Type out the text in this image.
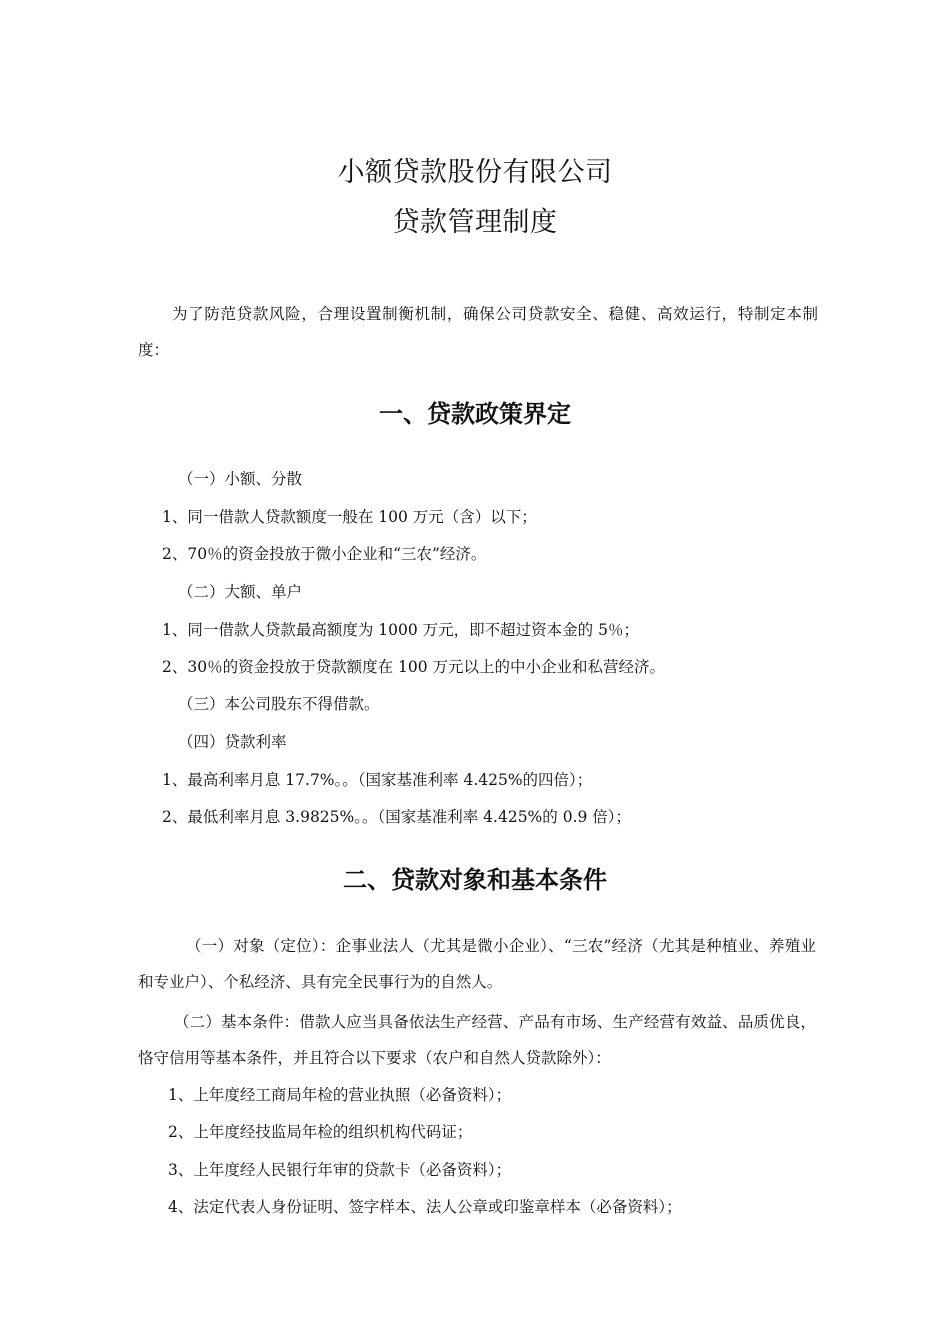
小额贷款股份有限公司
贷款管理制度
为了防范贷款风险，合理设置制衡机制，确保公司贷款安全、稳健、高效运行，特制定本制度：
一、贷款政策界定
（一）小额、分散
1、同一借款人贷款额度一般在 100 万元（含）以下；
2、70％的资金投放于微小企业和“三农”经济。
（二）大额、单户
1、同一借款人贷款最高额度为 1000 万元，即不超过资本金的 5％；
2、30％的资金投放于贷款额度在 100 万元以上的中小企业和私营经济。
（三）本公司股东不得借款。
（四）贷款利率
1、最高利率月息 17.7%。。（国家基准利率 4.425%的四倍）；
2、最低利率月息 3.9825%。。（国家基准利率 4.425%的 0.9 倍）；
二、贷款对象和基本条件
（一）对象（定位）：企事业法人（尤其是微小企业）、“三农”经济（尤其是种植业、养殖业和专业户）、个私经济、具有完全民事行为的自然人。
（二）基本条件：借款人应当具备依法生产经营、产品有市场、生产经营有效益、品质优良，恪守信用等基本条件，并且符合以下要求（农户和自然人贷款除外）：
1、上年度经工商局年检的营业执照（必备资料）；
2、上年度经技监局年检的组织机构代码证；
3、上年度经人民银行年审的贷款卡（必备资料）；
4、法定代表人身份证明、签字样本、法人公章或印鉴章样本（必备资料）；
